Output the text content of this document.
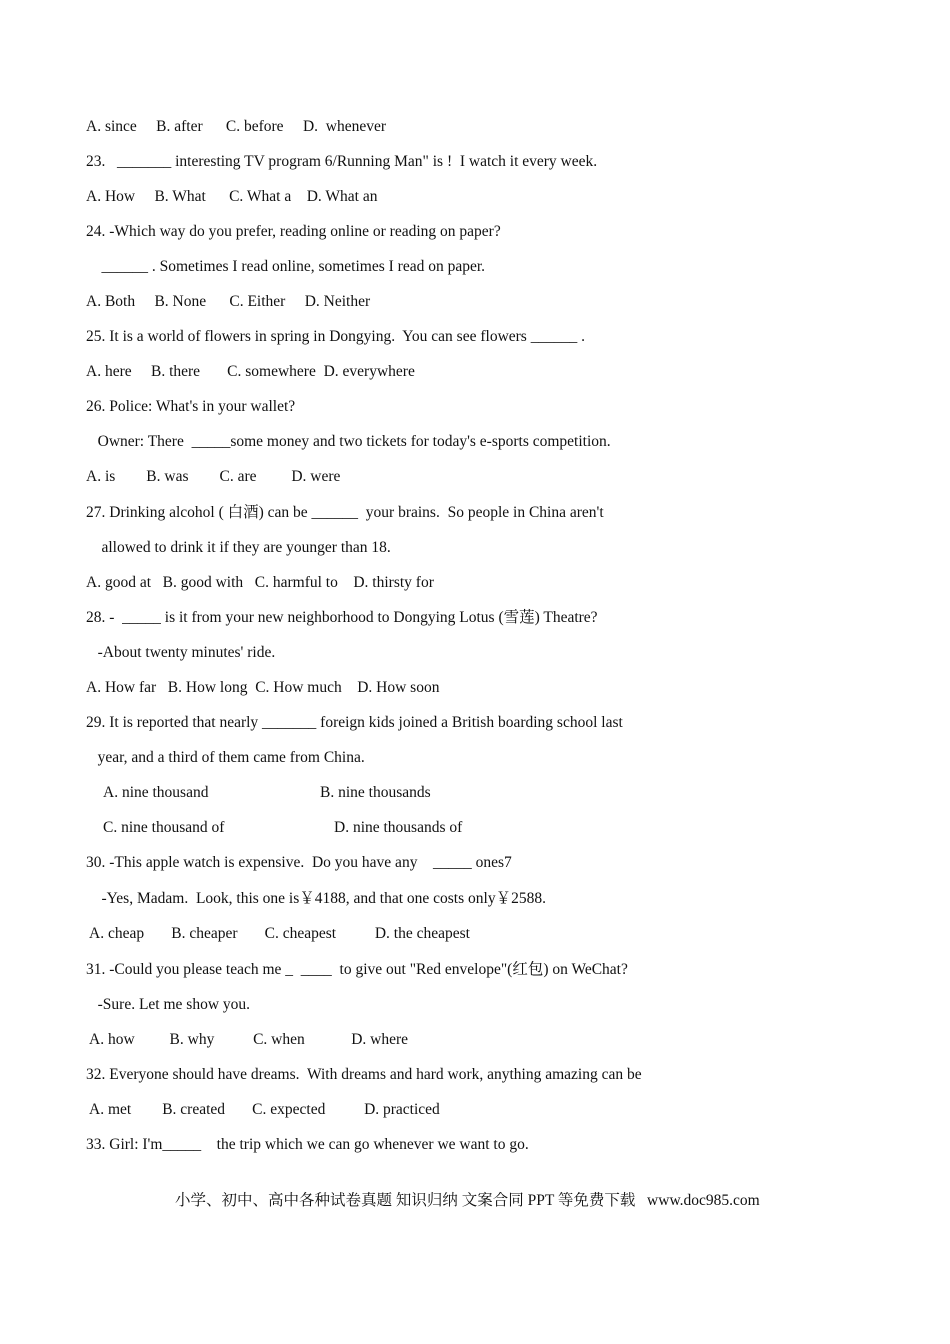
A. since     B. after      C. before     D.  whenever

23.   _______ interesting TV program 6/Running Man" is !  I watch it every week.

A. How     B. What      C. What a    D. What an

24. -Which way do you prefer, reading online or reading on paper?

______ . Sometimes I read online, sometimes I read on paper.

A. Both     B. None      C. Either     D. Neither

25. It is a world of flowers in spring in Dongying.  You can see flowers ______ .

A. here     B. there       C. somewhere  D. everywhere

26. Police: What's in your wallet?

Owner: There  _____some money and two tickets for today's e-sports competition.

A. is        B. was        C. are         D. were

27. Drinking alcohol ( 白酒) can be ______  your brains.  So people in China aren't

allowed to drink it if they are younger than 18.

A. good at   B. good with   C. harmful to    D. thirsty for

28. -  _____ is it from your new neighborhood to Dongying Lotus (雪莲) Theatre?

-About twenty minutes' ride.

A. How far   B. How long  C. How much    D. How soon

29. It is reported that nearly _______ foreign kids joined a British boarding school last

year, and a third of them came from China.

A. nine thousand	B. nine thousands

C. nine thousand of	D. nine thousands of

30. -This apple watch is expensive.  Do you have any    _____ ones7

-Yes, Madam.  Look, this one is￥4188, and that one costs only￥2588.

A. cheap       B. cheaper       C. cheapest          D. the cheapest

31. -Could you please teach me _  ____  to give out "Red envelope"(红包) on WeChat?

-Sure. Let me show you.

A. how         B. why          C. when            D. where

32. Everyone should have dreams.  With dreams and hard work, anything amazing can be

A. met        B. created       C. expected          D. practiced

33. Girl: I'm_____    the trip which we can go whenever we want to go.

小学、初中、高中各种试卷真题 知识归纳 文案合同 PPT 等免费下载   www.doc985.com
